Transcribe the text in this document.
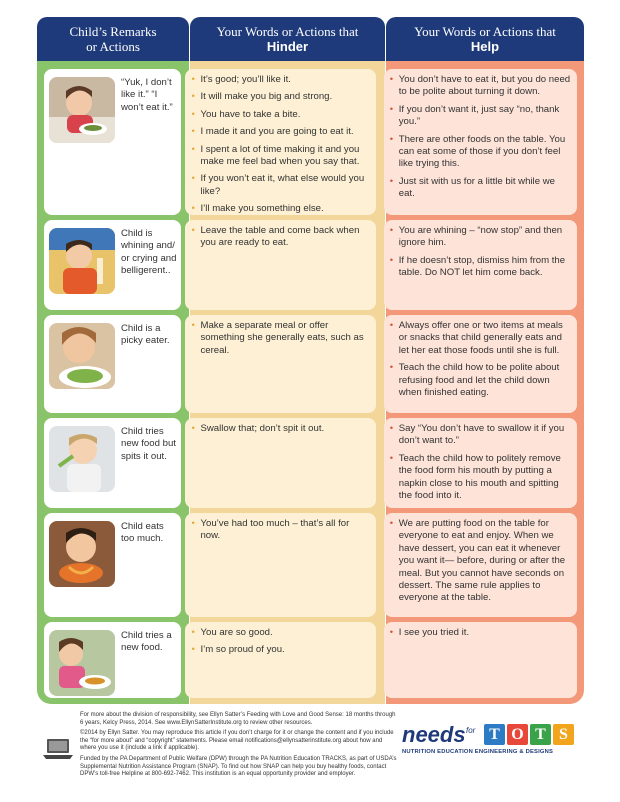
Child’s Remarks
or Actions
Your Words or Actions that
Hinder
Your Words or Actions that
Help
“Yuk, I don’t like it.” “I won’t eat it.”
• It’s good; you’ll like it.
• It will make you big and strong.
• You have to take a bite.
• I made it and you are going to eat it.
• I spent a lot of time making it and you make me feel bad when you say that.
• If you won’t eat it, what else would you like?
• I’ll make you something else.
• You don’t have to eat it, but you do need to be polite about turning it down.
• If you don’t want it, just say “no, thank you.”
• There are other foods on the table. You can eat some of those if you don’t feel like trying this.
• Just sit with us for a little bit while we eat.
Child is whining and/ or crying and belligerent..
• Leave the table and come back when you are ready to eat.
• You are whining – “now stop” and then ignore him.
• If he doesn’t stop, dismiss him from the table. Do NOT let him come back.
Child is a picky eater.
• Make a separate meal or offer something she generally eats, such as cereal.
• Always offer one or two items at meals or snacks that child generally eats and let her eat those foods until she is full.
• Teach the child how to be polite about refusing food and let the child down when finished eating.
Child tries new food but spits it out.
• Swallow that; don’t spit it out.
•	Say “You don’t have to swallow it if you don’t want to.”
• Teach the child how to politely remove the food form his mouth by putting a napkin close to his mouth and spitting the food into it.
Child eats too much.
• You’ve had too much – that’s all for now.
• We are putting food on the table for everyone to eat and enjoy. When we have dessert, you can eat it whenever you want it— before, during or after the meal. But you cannot have seconds on dessert. The same rule applies to everyone at the table.
Child tries a new food.
• You are so good.
• I’m so proud of you.
• I see you tried it.

For more about the division of responsibility, see Ellyn Satter’s Feeding with Love and Good Sense: 18 months through 6 years, Kelcy Press, 2014. See www.EllynSatterInstitute.org to review other resources.

©2014 by Ellyn Satter. You may reproduce this article if you don’t charge for it or change the content and if you include the “for more about” and “copyright” statements. Please email notifications@ellynsatterinstitute.org about how and where you use it (include a link if applicable).

Funded by the PA Department of Public Welfare (DPW) through the PA Nutrition Education TRACKS, as part of USDA’s Supplemental Nutrition Assistance Program (SNAP). To find out how SNAP can help you buy healthy foods, contact DPW’s toll-free Helpline at 800-692-7462. This institution is an equal opportunity provider and employer.

needs for T O T S
NUTRITION EDUCATION ENGINEERING & DESIGNS
